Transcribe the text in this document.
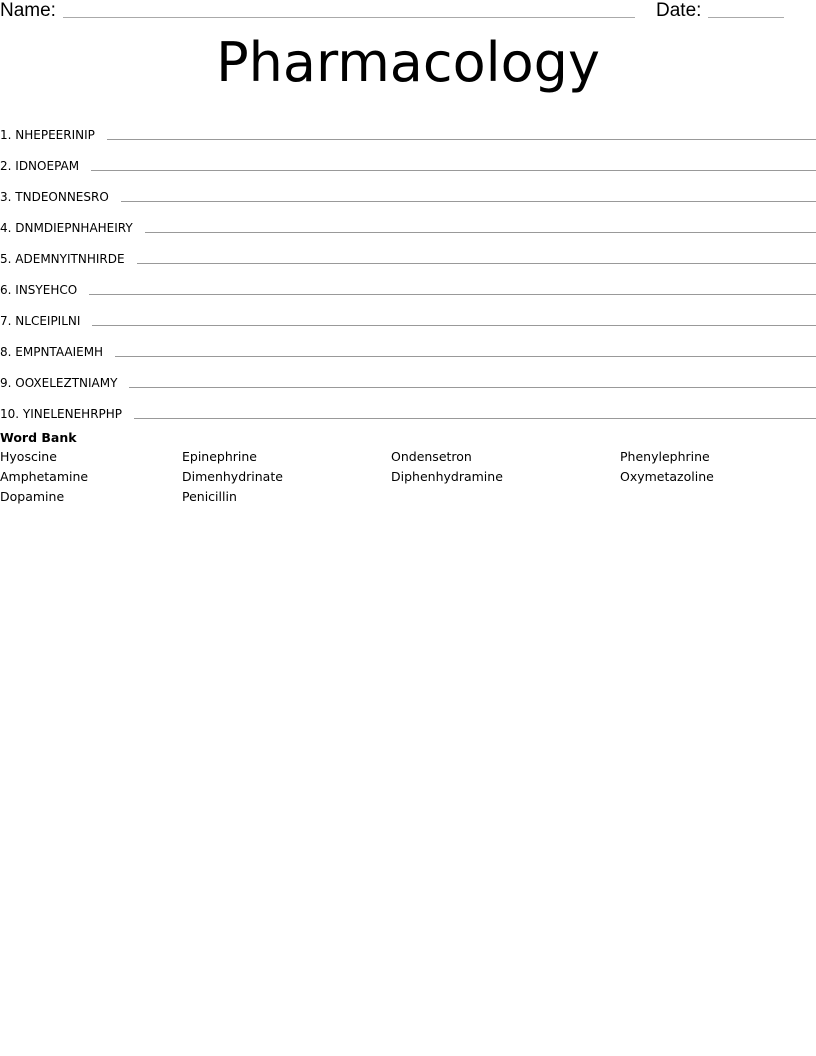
Name:	Date:
Pharmacology
1. NHEPEERINIP
2. IDNOEPAM
3. TNDEONNESRO
4. DNMDIEPNHAHEIRY
5. ADEMNYITNHIRDE
6. INSYEHCO
7. NLCEIPILNI
8. EMPNTAAIEMH
9. OOXELEZTNIAMY
10. YINELENEHRPHP
Word Bank
Hyoscine	Epinephrine	Ondensetron	Phenylephrine
Amphetamine	Dimenhydrinate	Diphenhydramine	Oxymetazoline
Dopamine	Penicillin
